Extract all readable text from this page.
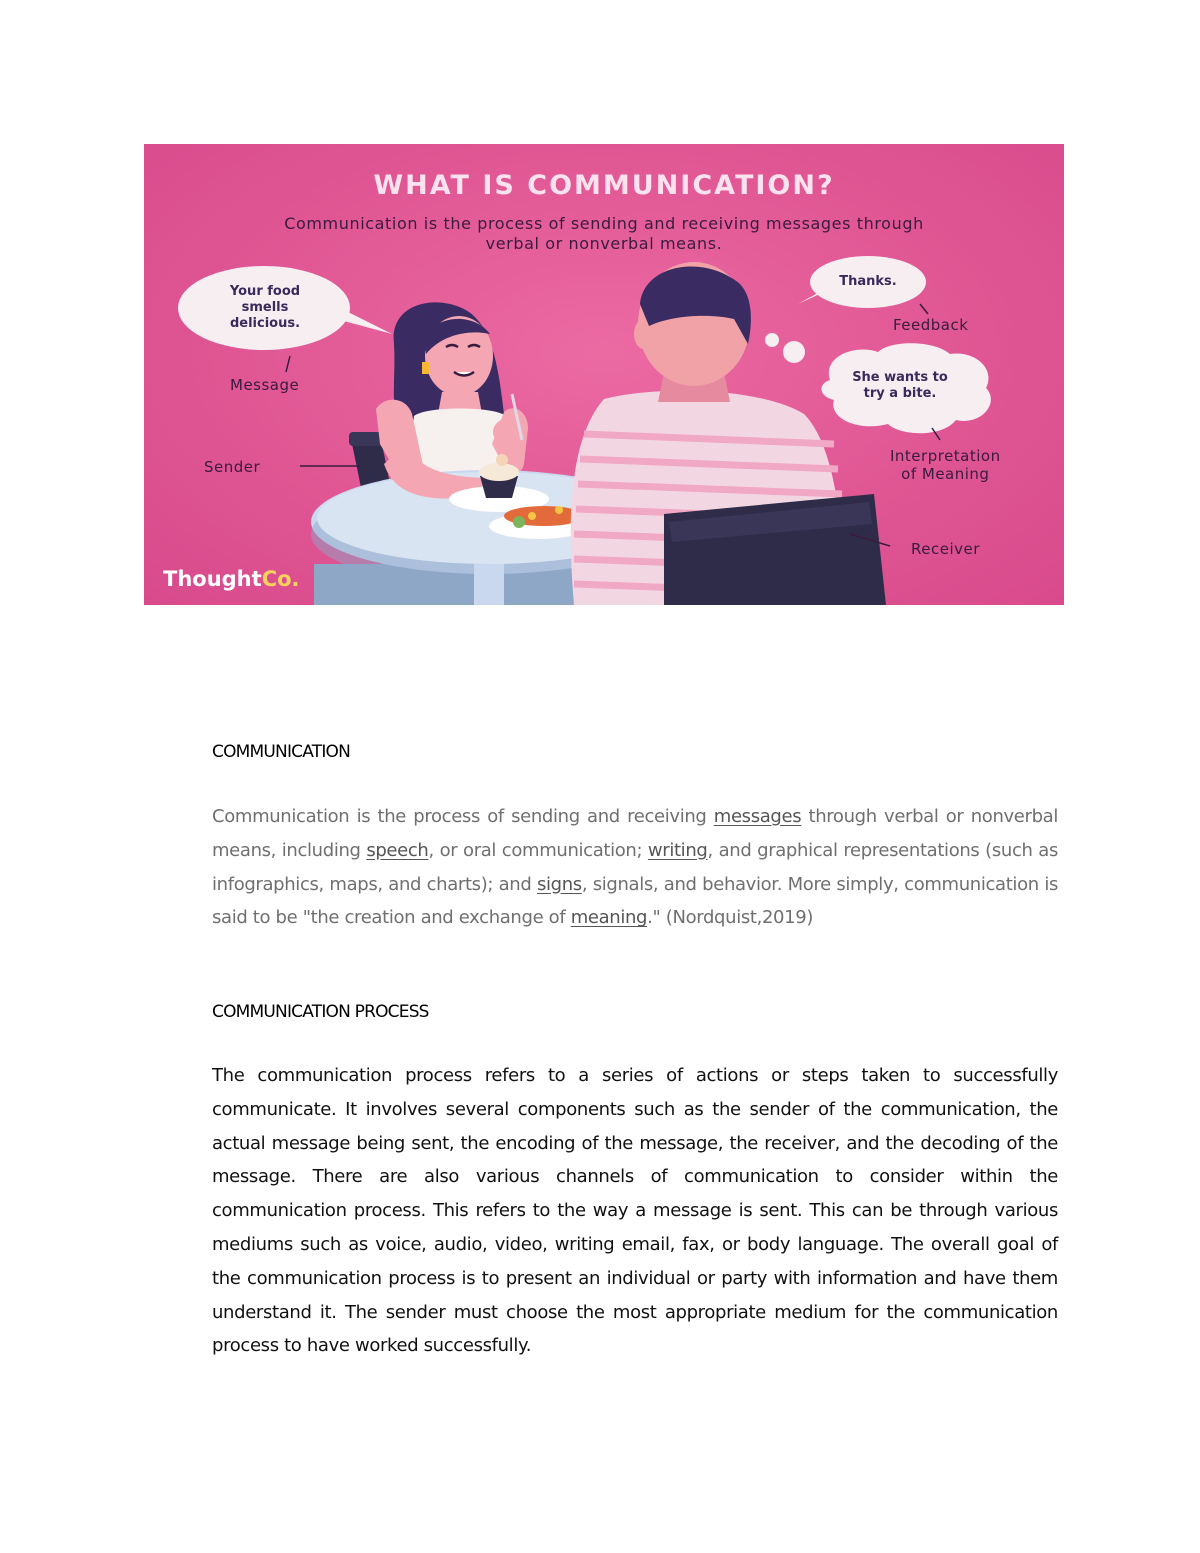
WHAT IS COMMUNICATION?
Communication is the process of sending and receiving messages through
verbal or nonverbal means.
Your food smells delicious.
Thanks.
She wants to try a bite.
Message
Sender
Feedback
Interpretation
of Meaning
Receiver
ThoughtCo.
COMMUNICATION
Communication is the process of sending and receiving messages through verbal or nonverbal means, including speech, or oral communication; writing, and graphical representations (such as infographics, maps, and charts); and signs, signals, and behavior. More simply, communication is said to be "the creation and exchange of meaning." (Nordquist,2019)
COMMUNICATION PROCESS
The communication process refers to a series of actions or steps taken to successfully communicate. It involves several components such as the sender of the communication, the actual message being sent, the encoding of the message, the receiver, and the decoding of the message. There are also various channels of communication to consider within the communication process. This refers to the way a message is sent. This can be through various mediums such as voice, audio, video, writing email, fax, or body language. The overall goal of the communication process is to present an individual or party with information and have them understand it. The sender must choose the most appropriate medium for the communication process to have worked successfully.
